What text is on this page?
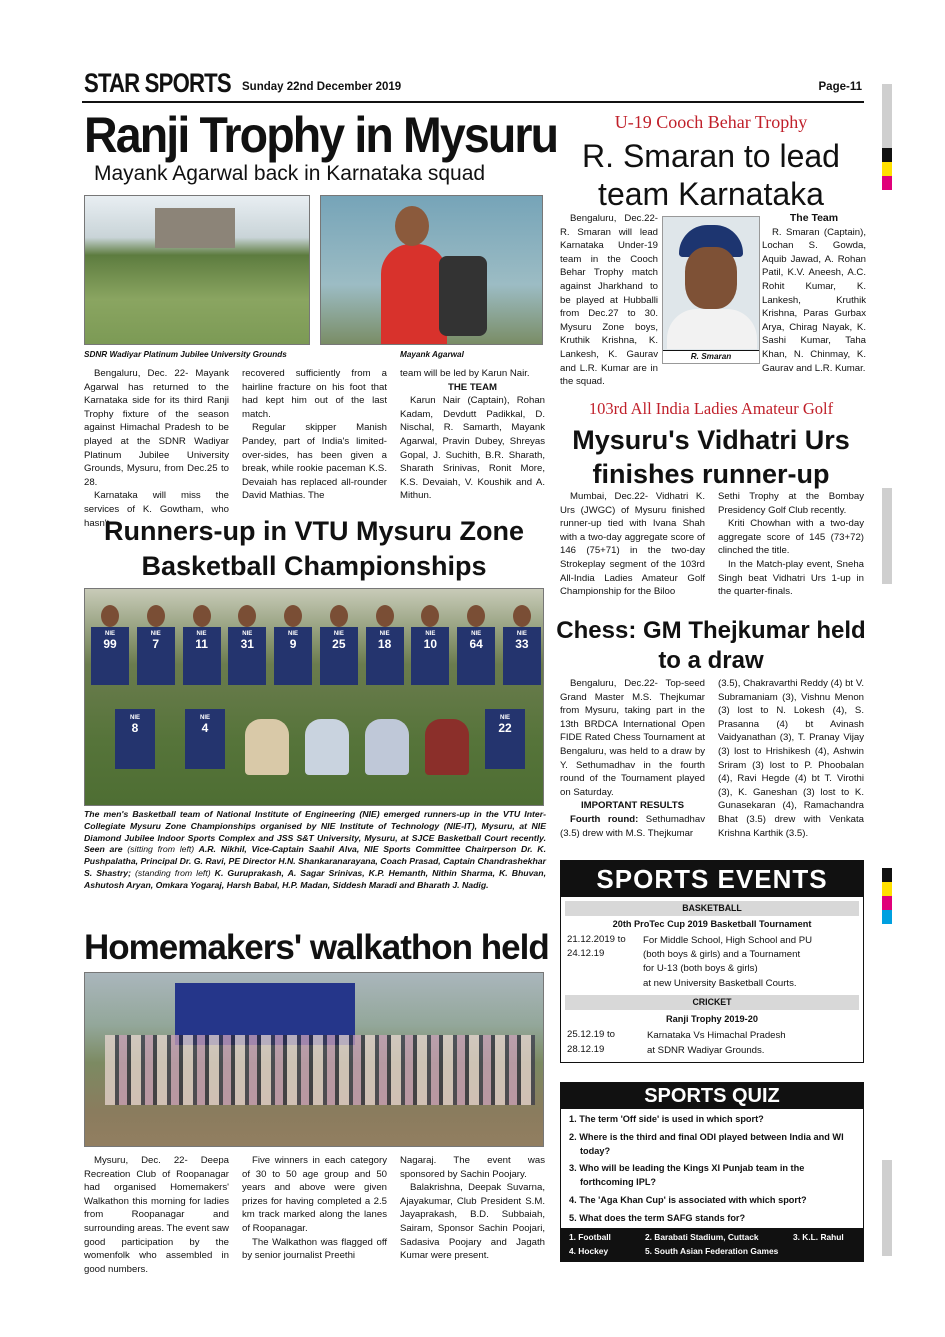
STAR SPORTS Sunday 22nd December 2019	Page-11
Ranji Trophy in Mysuru
Mayank Agarwal back in Karnataka squad
SDNR Wadiyar Platinum Jubilee University Grounds	Mayank Agarwal

Bengaluru, Dec. 22- Mayank Agarwal has returned to the Karnataka side for its third Ranji Trophy fixture of the season against Himachal Pradesh to be played at the SDNR Wadiyar Platinum Jubilee University Grounds, Mysuru, from Dec.25 to 28.

Karnataka will miss the services of K. Gowtham, who hasn't

recovered sufficiently from a hairline fracture on his foot that had kept him out of the last match.

Regular skipper Manish Pandey, part of India's limited-over-sides, has been given a break, while rookie paceman K.S. Devaiah has replaced all-rounder David Mathias. The

team will be led by Karun Nair.

THE TEAM

Karun Nair (Captain), Rohan Kadam, Devdutt Padikkal, D. Nischal, R. Samarth, Mayank Agarwal, Pravin Dubey, Shreyas Gopal, J. Suchith, B.R. Sharath, Sharath Srinivas, Ronit More, K.S. Devaiah, V. Koushik and A. Mithun.

Runners-up in VTU Mysuru Zone Basketball Championships
NIE
99
NIE
7
NIE
11
NIE
31
NIE
9
NIE
25
NIE
18
NIE
10
NIE
64
NIE
33
NIE
8
NIE
4
NIE
22
The men's Basketball team of National Institute of Engineering (NIE) emerged runners-up in the VTU Inter-Collegiate Mysuru Zone Championships organised by NIE Institute of Technology (NIE-IT), Mysuru, at NIE Diamond Jubilee Indoor Sports Complex and JSS S&T University, Mysuru, at SJCE Basketball Court recently. Seen are (sitting from left) A.R. Nikhil, Vice-Captain Saahil Alva, NIE Sports Committee Chairperson Dr. K. Pushpalatha, Principal Dr. G. Ravi, PE Director H.N. Shankaranarayana, Coach Prasad, Captain Chandrashekhar S. Shastry; (standing from left) K. Guruprakash, A. Sagar Srinivas, K.P. Hemanth, Nithin Sharma, K. Bhuvan, Ashutosh Aryan, Omkara Yogaraj, Harsh Babal, H.P. Madan, Siddesh Maradi and Bharath J. Nadig.
Homemakers' walkathon held

Mysuru, Dec. 22- Deepa Recreation Club of Roopanagar had organised Homemakers' Walkathon this morning for ladies from Roopanagar and surrounding areas. The event saw good participation by the womenfolk who assembled in good numbers.

Five winners in each category of 30 to 50 age group and 50 years and above were given prizes for having completed a 2.5 km track marked along the lanes of Roopanagar.

The Walkathon was flagged off by senior journalist Preethi

Nagaraj. The event was sponsored by Sachin Poojary.

Balakrishna, Deepak Suvarna, Ajayakumar, Club President S.M. Jayaprakash, B.D. Subbaiah, Sairam, Sponsor Sachin Poojari, Sadasiva Poojary and Jagath Kumar were present.

U-19 Cooch Behar Trophy
R. Smaran to lead team Karnataka
Bengaluru, Dec.22- R. Smaran will lead Karnataka Under-19 team in the Cooch Behar Trophy match against Jharkhand to be played at Hubballi from Dec.27 to 30. Mysuru Zone boys, Kruthik Krishna, K. Lankesh, K. Gaurav and L.R. Kumar are in the squad.
R. Smaran
The Team

R. Smaran (Captain), Lochan S. Gowda, Aquib Jawad, A. Rohan Patil, K.V. Aneesh, A.C. Rohit Kumar, K. Lankesh, Kruthik Krishna, Paras Gurbax Arya, Chirag Nayak, K. Sashi Kumar, Taha Khan, N. Chinmay, K. Gaurav and L.R. Kumar.

103rd All India Ladies Amateur Golf
Mysuru's Vidhatri Urs finishes runner-up

Mumbai, Dec.22- Vidhatri K. Urs (JWGC) of Mysuru finished runner-up tied with Ivana Shah with a two-day aggregate score of 146 (75+71) in the two-day Strokeplay segment of the 103rd All-India Ladies Amateur Golf Championship for the Biloo

Sethi Trophy at the Bombay Presidency Golf Club recently.

Kriti Chowhan with a two-day aggregate score of 145 (73+72) clinched the title.

In the Match-play event, Sneha Singh beat Vidhatri Urs 1-up in the quarter-finals.

Chess: GM Thejkumar held to a draw

Bengaluru, Dec.22- Top-seed Grand Master M.S. Thejkumar from Mysuru, taking part in the 13th BRDCA International Open FIDE Rated Chess Tournament at Bengaluru, was held to a draw by Y. Sethumadhav in the fourth round of the Tournament played on Saturday.

IMPORTANT RESULTS

Fourth round: Sethumadhav (3.5) drew with M.S. Thejkumar

(3.5), Chakravarthi Reddy (4) bt V. Subramaniam (3), Vishnu Menon (3) lost to N. Lokesh (4), S. Prasanna (4) bt Avinash Vaidyanathan (3), T. Pranay Vijay (3) lost to Hrishikesh (4), Ashwin Sriram (3) lost to P. Phoobalan (4), Ravi Hegde (4) bt T. Virothi (3), K. Ganeshan (3) lost to K. Gunasekaran (4), Ramachandra Bhat (3.5) drew with Venkata Krishna Karthik (3.5).

SPORTS EVENTS
BASKETBALL
20th ProTec Cup 2019 Basketball Tournament
21.12.2019 to
24.12.19
For Middle School, High School and PU
(both boys & girls) and a Tournament
for U-13 (both boys & girls)
at new University Basketball Courts.
CRICKET
Ranji Trophy 2019-20
25.12.19 to
28.12.19
Karnataka Vs Himachal Pradesh
at SDNR Wadiyar Grounds.
SPORTS QUIZ
1. The term 'Off side' is used in which sport?
2. Where is the third and final ODI played between India and WI today?
3. Who will be leading the Kings XI Punjab team in the forthcoming IPL?
4. The 'Aga Khan Cup' is associated with which sport?
5. What does the term SAFG stands for?
1. Football	2. Barabati Stadium, Cuttack	3. K.L. Rahul
4. Hockey	5. South Asian Federation Games
